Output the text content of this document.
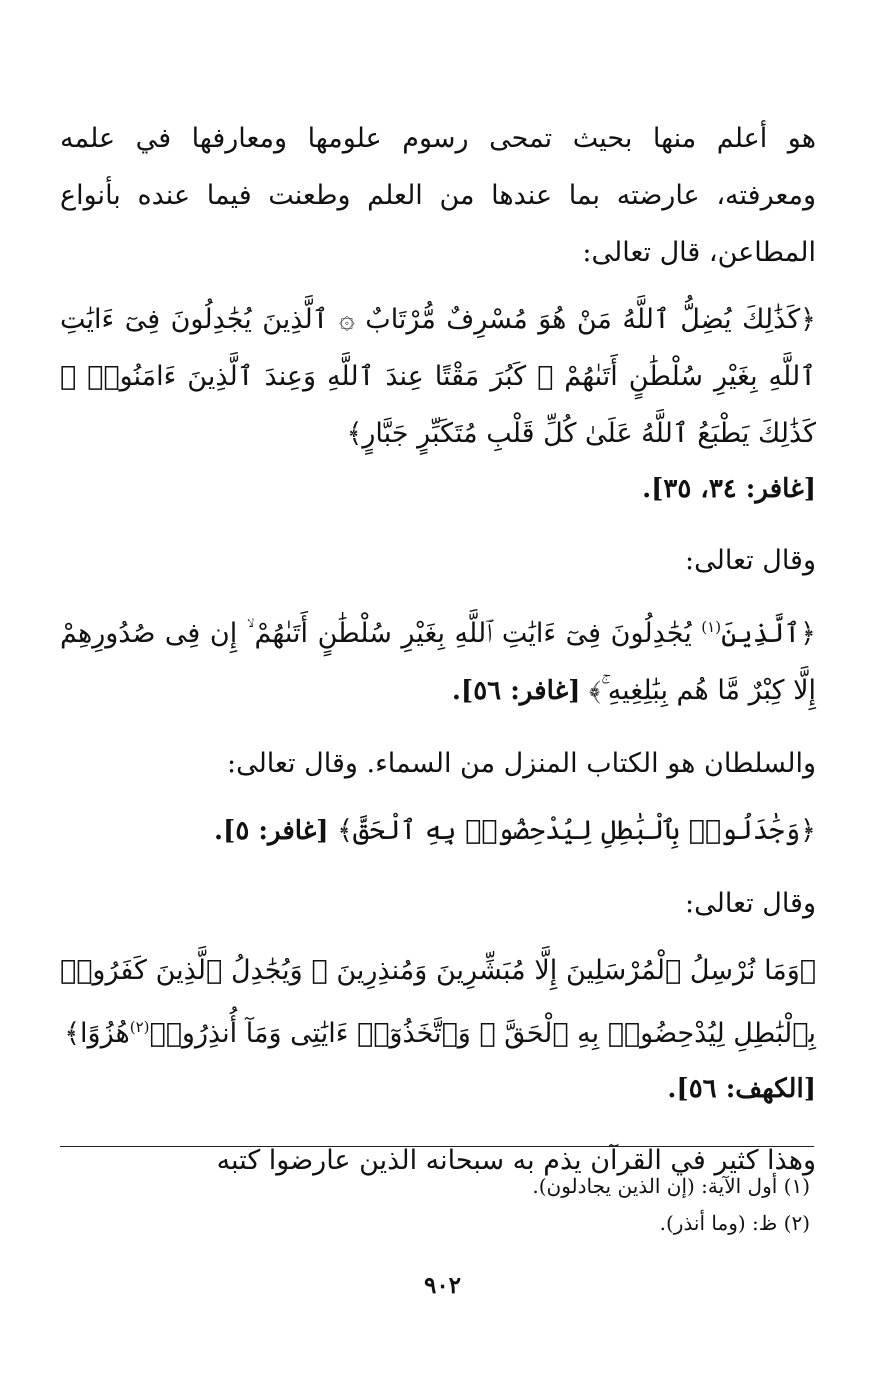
هو أعلم منها بحيث تمحى رسوم علومها ومعارفها في علمه ومعرفته، عارضته بما عندها من العلم وطعنت فيما عنده بأنواع المطاعن، قال تعالى:

﴿كَذَٰلِكَ يُضِلُّ ٱللَّهُ مَنْ هُوَ مُسْرِفٌ مُّرْتَابٌ ۞ ٱلَّذِينَ يُجَٰدِلُونَ فِىٓ ءَايَٰتِ ٱللَّهِ بِغَيْرِ سُلْطَٰنٍ أَتَىٰهُمْ ۖ كَبُرَ مَقْتًا عِندَ ٱللَّهِ وَعِندَ ٱلَّذِينَ ءَامَنُوا۟ ۚ كَذَٰلِكَ يَطْبَعُ ٱللَّهُ عَلَىٰ كُلِّ قَلْبِ مُتَكَبِّرٍ جَبَّارٍ﴾

[غافر: ٣٤، ٣٥].

وقال تعالى:

﴿ٱلَّذِينَ$^{(١)}$ يُجَٰدِلُونَ فِىٓ ءَايَٰتِ ٱللَّهِ بِغَيْرِ سُلْطَٰنٍ أَتَىٰهُمْ ۙ إِن فِى صُدُورِهِمْ إِلَّا كِبْرٌ مَّا هُم بِبَٰلِغِيهِ ۚ﴾ [غافر: ٥٦].

والسلطان هو الكتاب المنزل من السماء. وقال تعالى:

﴿وَجَٰدَلُوا۟ بِٱلْبَٰطِلِ لِيُدْحِضُوا۟ بِهِ ٱلْحَقَّ﴾ [غافر: ٥].

وقال تعالى:

﴿وَمَا نُرْسِلُ ٱلْمُرْسَلِينَ إِلَّا مُبَشِّرِينَ وَمُنذِرِينَ ۚ وَيُجَٰدِلُ ٱلَّذِينَ كَفَرُوا۟ بِٱلْبَٰطِلِ لِيُدْحِضُوا۟ بِهِ ٱلْحَقَّ ۖ وَٱتَّخَذُوٓا۟ ءَايَٰتِى وَمَآ أُنذِرُوا۟$^{(٢)}$هُزُوًا﴾

[الكهف: ٥٦].

وهذا كثير في القرآن يذم به سبحانه الذين عارضوا كتبه

(١) أول الآية: (إن الذين يجادلون).

(٢) ظ: (وما أنذر).

٩٠٢
